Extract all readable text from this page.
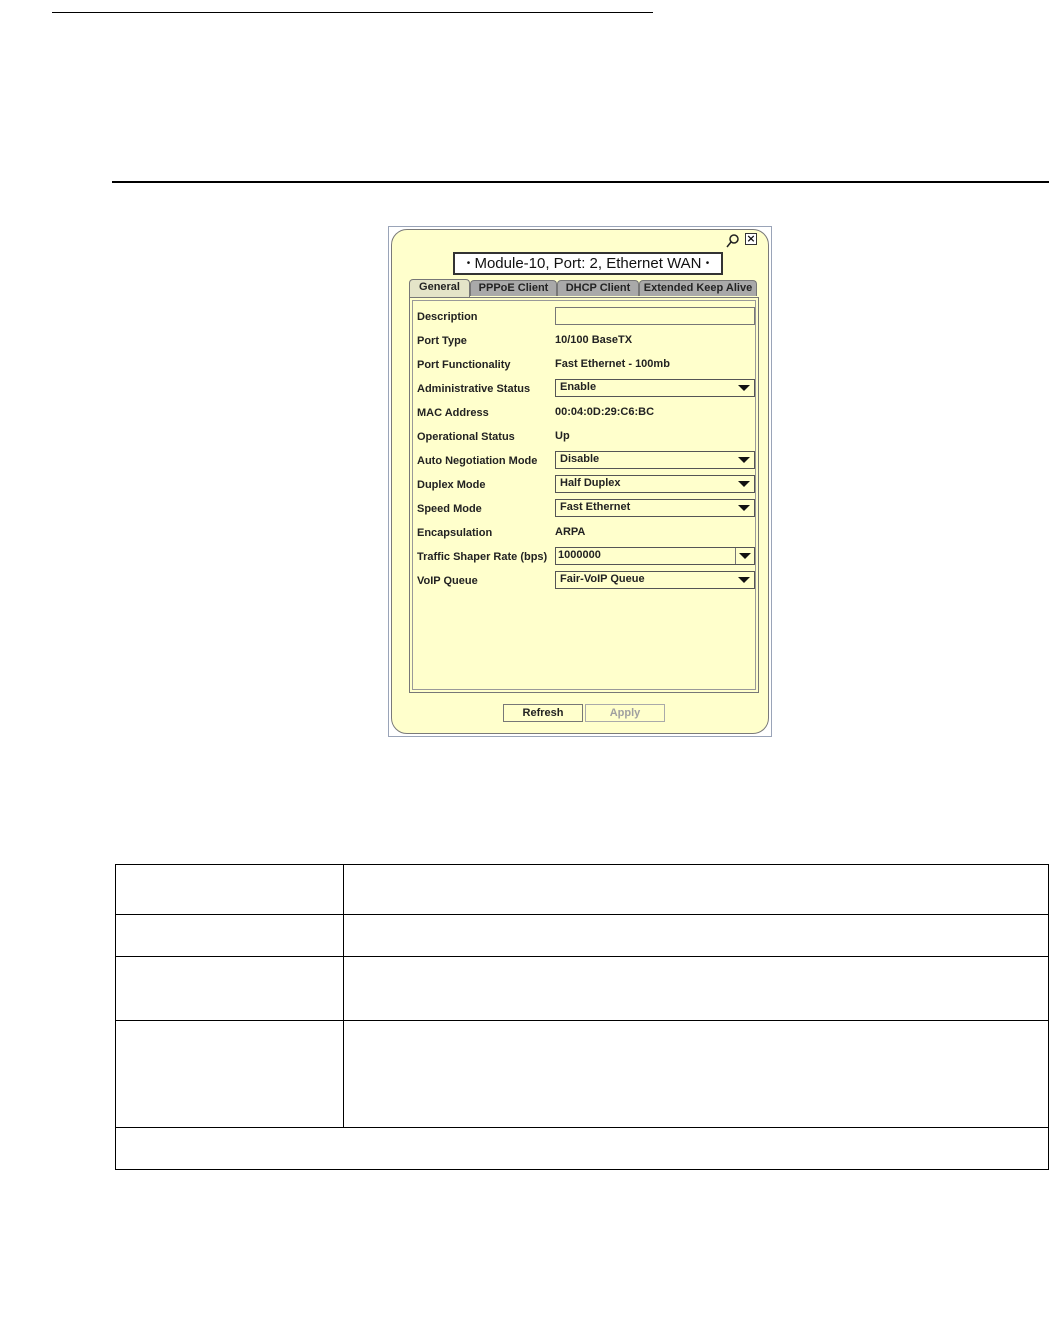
×
• Module-10, Port: 2, Ethernet WAN •
General	PPPoE Client	DHCP Client	Extended Keep Alive
Description
Port Type	10/100 BaseTX
Port Functionality	Fast Ethernet - 100mb
Administrative Status	Enable
MAC Address	00:04:0D:29:C6:BC
Operational Status	Up
Auto Negotiation Mode	Disable
Duplex Mode	Half Duplex
Speed Mode	Fast Ethernet
Encapsulation	ARPA
Traffic Shaper Rate (bps) 1000000
VoIP Queue	Fair-VoIP Queue
Refresh	Apply
